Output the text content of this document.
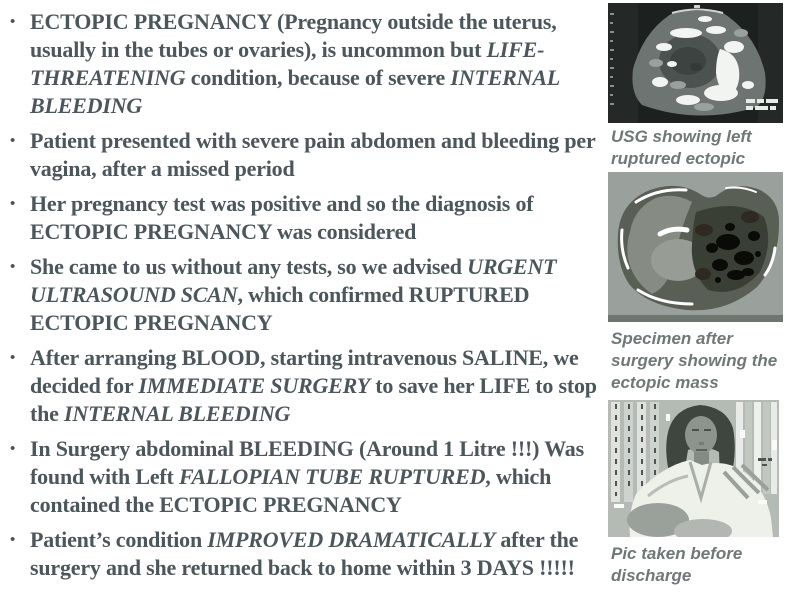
• ECTOPIC PREGNANCY (Pregnancy outside the uterus, usually in the tubes or ovaries), is uncommon but LIFE-THREATENING condition, because of severe INTERNAL BLEEDING
• Patient presented with severe pain abdomen and bleeding per vagina, after a missed period
• Her pregnancy test was positive and so the diagnosis of ECTOPIC PREGNANCY was considered
• She came to us without any tests, so we advised URGENT ULTRASOUND SCAN, which confirmed RUPTURED ECTOPIC PREGNANCY
• After arranging BLOOD, starting intravenous SALINE, we decided for IMMEDIATE SURGERY to save her LIFE to stop the INTERNAL BLEEDING
• In Surgery abdominal BLEEDING (Around 1 Litre !!!) Was found with Left FALLOPIAN TUBE RUPTURED, which contained the ECTOPIC PREGNANCY
• Patient’s condition IMPROVED DRAMATICALLY after the surgery and she returned back to home within 3 DAYS !!!!!
USG showing left ruptured ectopic
Specimen after surgery showing the ectopic mass
Pic taken before discharge
